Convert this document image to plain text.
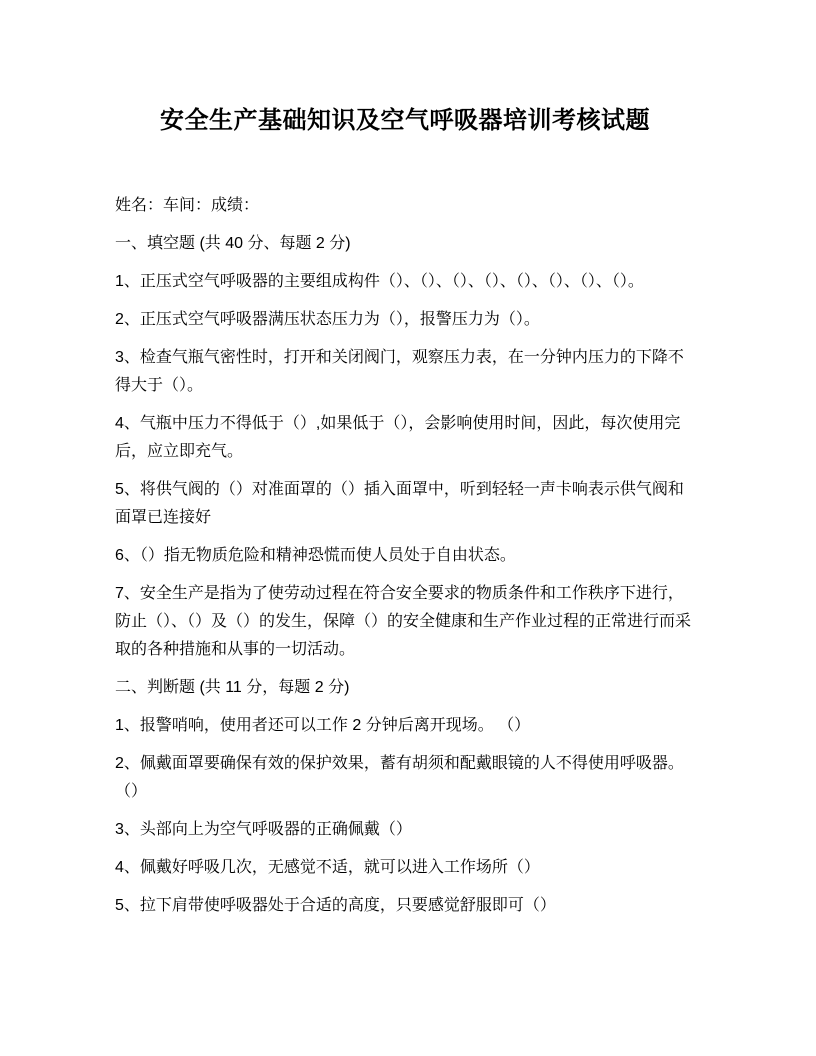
安全生产基础知识及空气呼吸器培训考核试题

姓名：车间：成绩：

一、填空题 (共 40 分、每题 2 分)

1、正压式空气呼吸器的主要组成构件（）、（）、（）、（）、（）、（）、（）、（）。

2、正压式空气呼吸器满压状态压力为（），报警压力为（）。

3、检查气瓶气密性时，打开和关闭阀门，观察压力表，在一分钟内压力的下降不得大于（）。

4、气瓶中压力不得低于（）,如果低于（），会影响使用时间，因此，每次使用完后，应立即充气。

5、将供气阀的（）对准面罩的（）插入面罩中，听到轻轻一声卡响表示供气阀和面罩已连接好

6、（）指无物质危险和精神恐慌而使人员处于自由状态。

7、安全生产是指为了使劳动过程在符合安全要求的物质条件和工作秩序下进行，防止（）、（）及（）的发生，保障（）的安全健康和生产作业过程的正常进行而采取的各种措施和从事的一切活动。

二、判断题 (共 11 分，每题 2 分)

1、报警哨响，使用者还可以工作 2 分钟后离开现场。 （）

2、佩戴面罩要确保有效的保护效果，蓄有胡须和配戴眼镜的人不得使用呼吸器。（）

3、头部向上为空气呼吸器的正确佩戴（）

4、佩戴好呼吸几次，无感觉不适，就可以进入工作场所（）

5、拉下肩带使呼吸器处于合适的高度，只要感觉舒服即可（）
